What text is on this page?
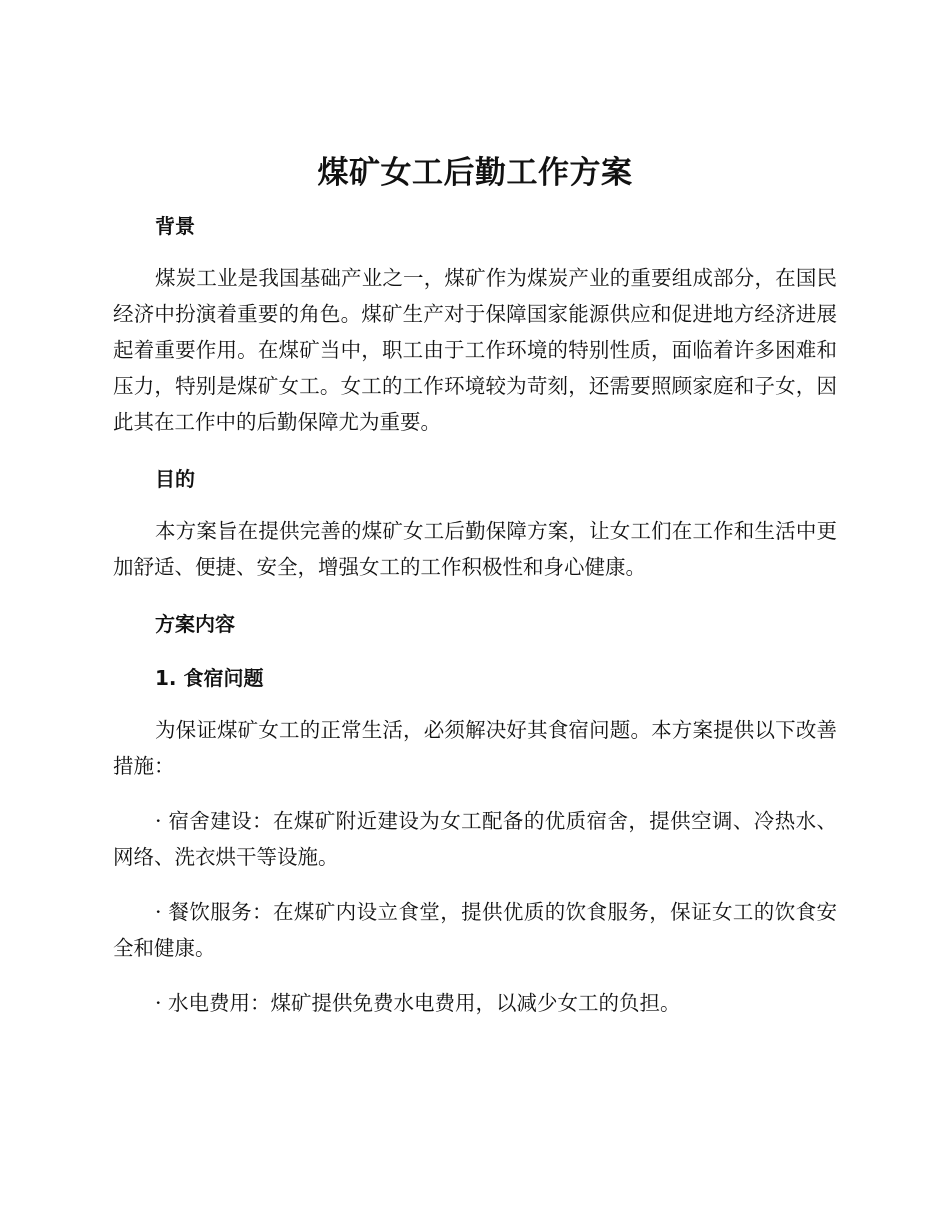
煤矿女工后勤工作方案
背景

煤炭工业是我国基础产业之一，煤矿作为煤炭产业的重要组成部分，在国民经济中扮演着重要的角色。煤矿生产对于保障国家能源供应和促进地方经济进展起着重要作用。在煤矿当中，职工由于工作环境的特别性质，面临着许多困难和压力，特别是煤矿女工。女工的工作环境较为苛刻，还需要照顾家庭和子女，因此其在工作中的后勤保障尤为重要。

目的

本方案旨在提供完善的煤矿女工后勤保障方案，让女工们在工作和生活中更加舒适、便捷、安全，增强女工的工作积极性和身心健康。

方案内容
1. 食宿问题

为保证煤矿女工的正常生活，必须解决好其食宿问题。本方案提供以下改善措施：

· 宿舍建设：在煤矿附近建设为女工配备的优质宿舍，提供空调、冷热水、网络、洗衣烘干等设施。

· 餐饮服务：在煤矿内设立食堂，提供优质的饮食服务，保证女工的饮食安全和健康。

· 水电费用：煤矿提供免费水电费用，以减少女工的负担。
